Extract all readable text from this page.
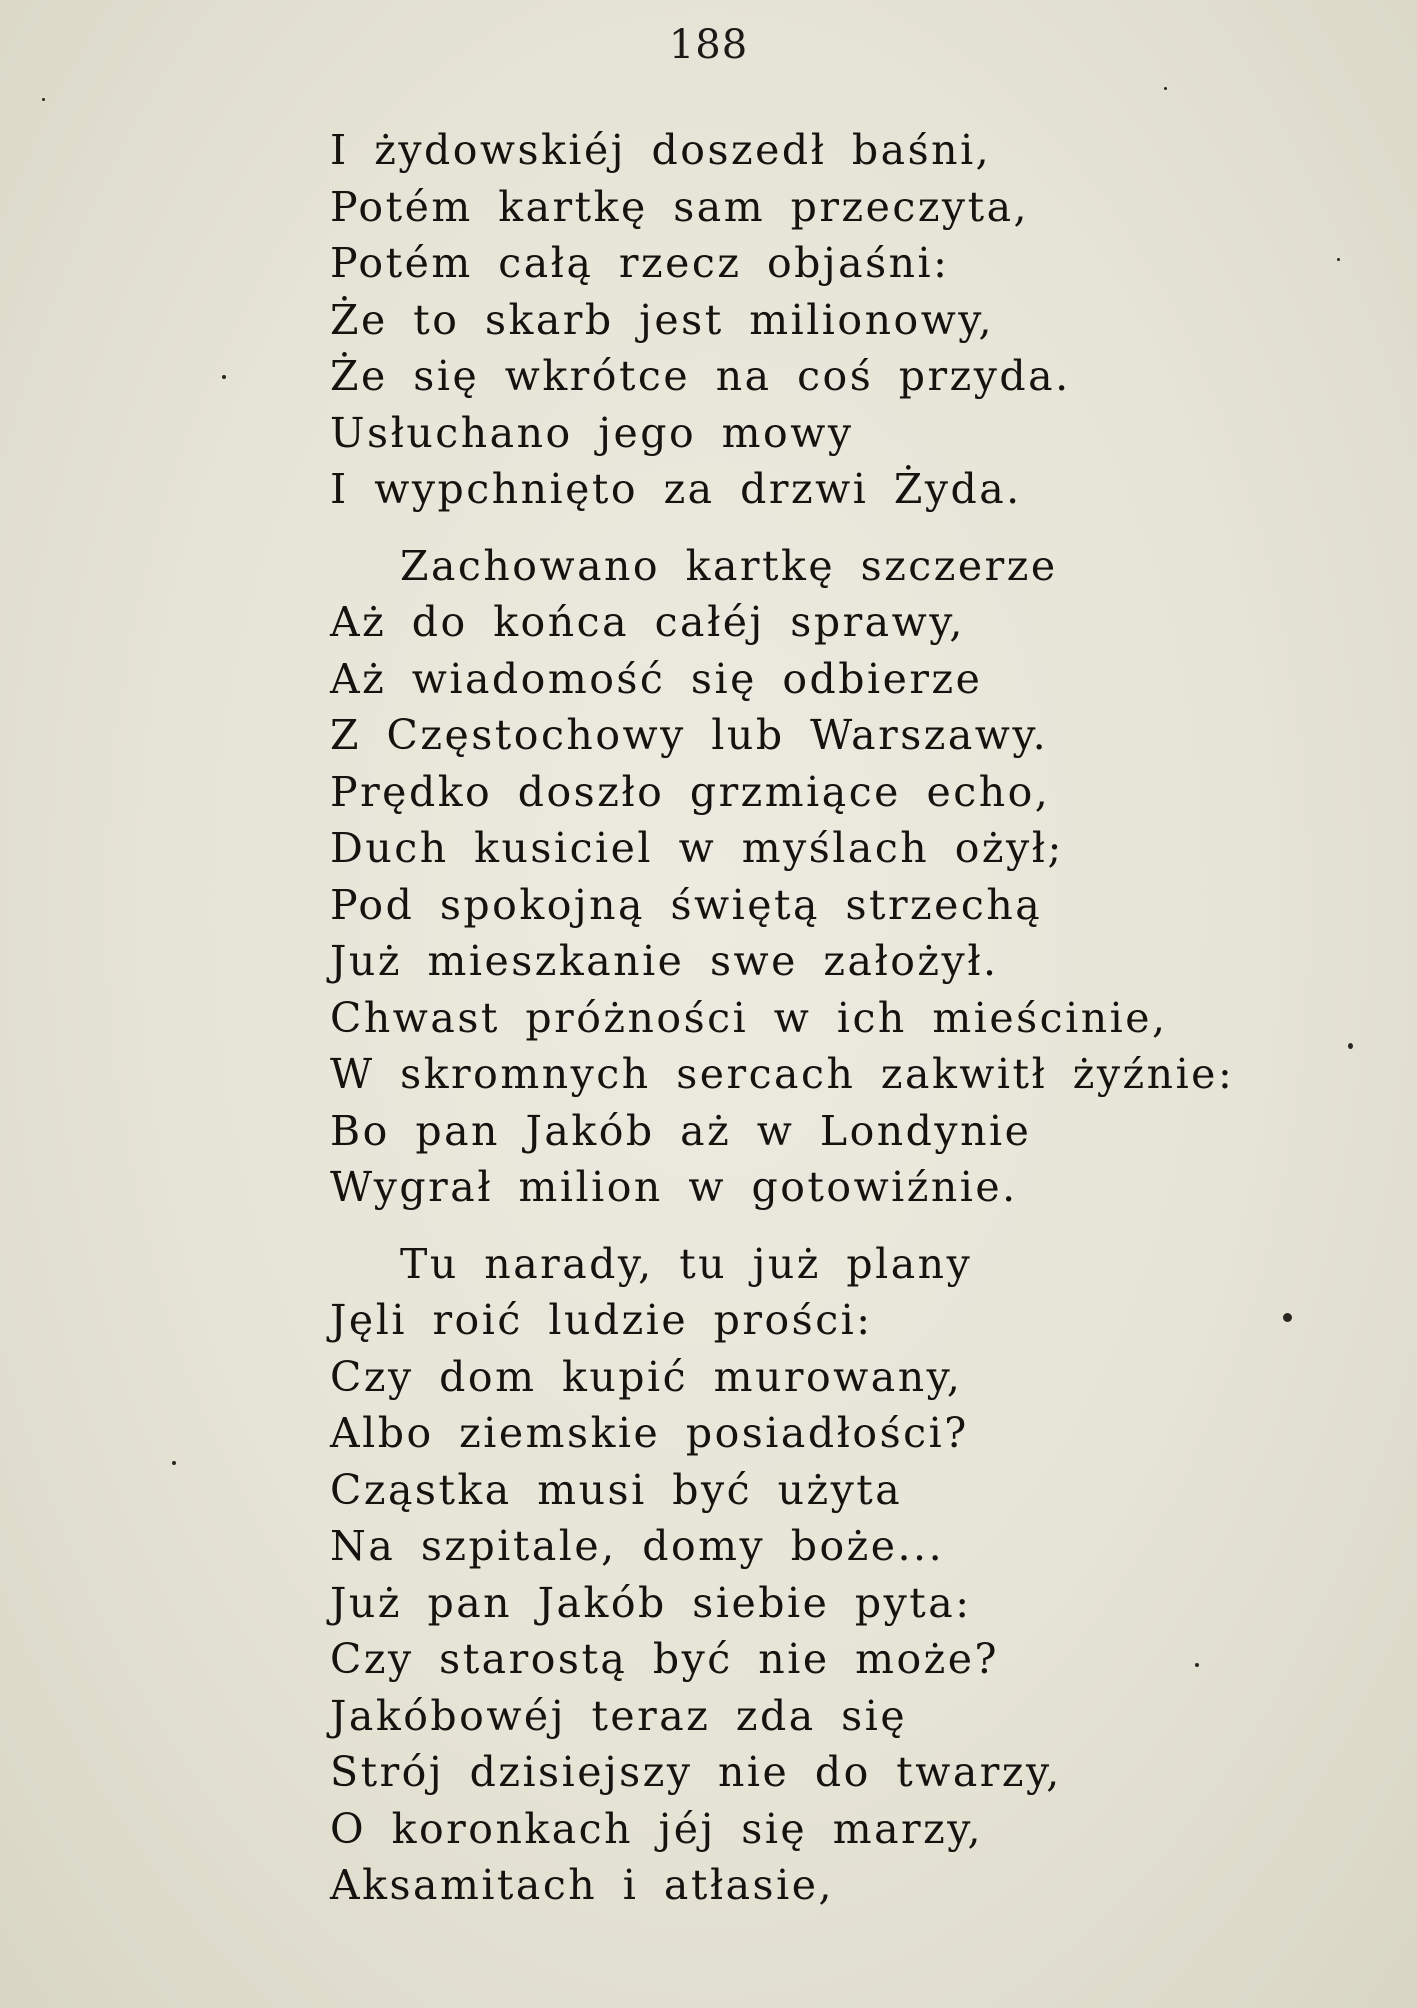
188
I żydowskiéj doszedł baśni,
Potém kartkę sam przeczyta,
Potém całą rzecz objaśni:
Że to skarb jest milionowy,
Że się wkrótce na coś przyda.
Usłuchano jego mowy
I wypchnięto za drzwi Żyda.
Zachowano kartkę szczerze
Aż do końca całéj sprawy,
Aż wiadomość się odbierze
Z Częstochowy lub Warszawy.
Prędko doszło grzmiące echo,
Duch kusiciel w myślach ożył;
Pod spokojną świętą strzechą
Już mieszkanie swe założył.
Chwast próżności w ich mieścinie,
W skromnych sercach zakwitł żyźnie:
Bo pan Jakób aż w Londynie
Wygrał milion w gotowiźnie.
Tu narady, tu już plany
Jęli roić ludzie prości:
Czy dom kupić murowany,
Albo ziemskie posiadłości?
Cząstka musi być użyta
Na szpitale, domy boże...
Już pan Jakób siebie pyta:
Czy starostą być nie może?
Jakóbowéj teraz zda się
Strój dzisiejszy nie do twarzy,
O koronkach jéj się marzy,
Aksamitach i atłasie,
